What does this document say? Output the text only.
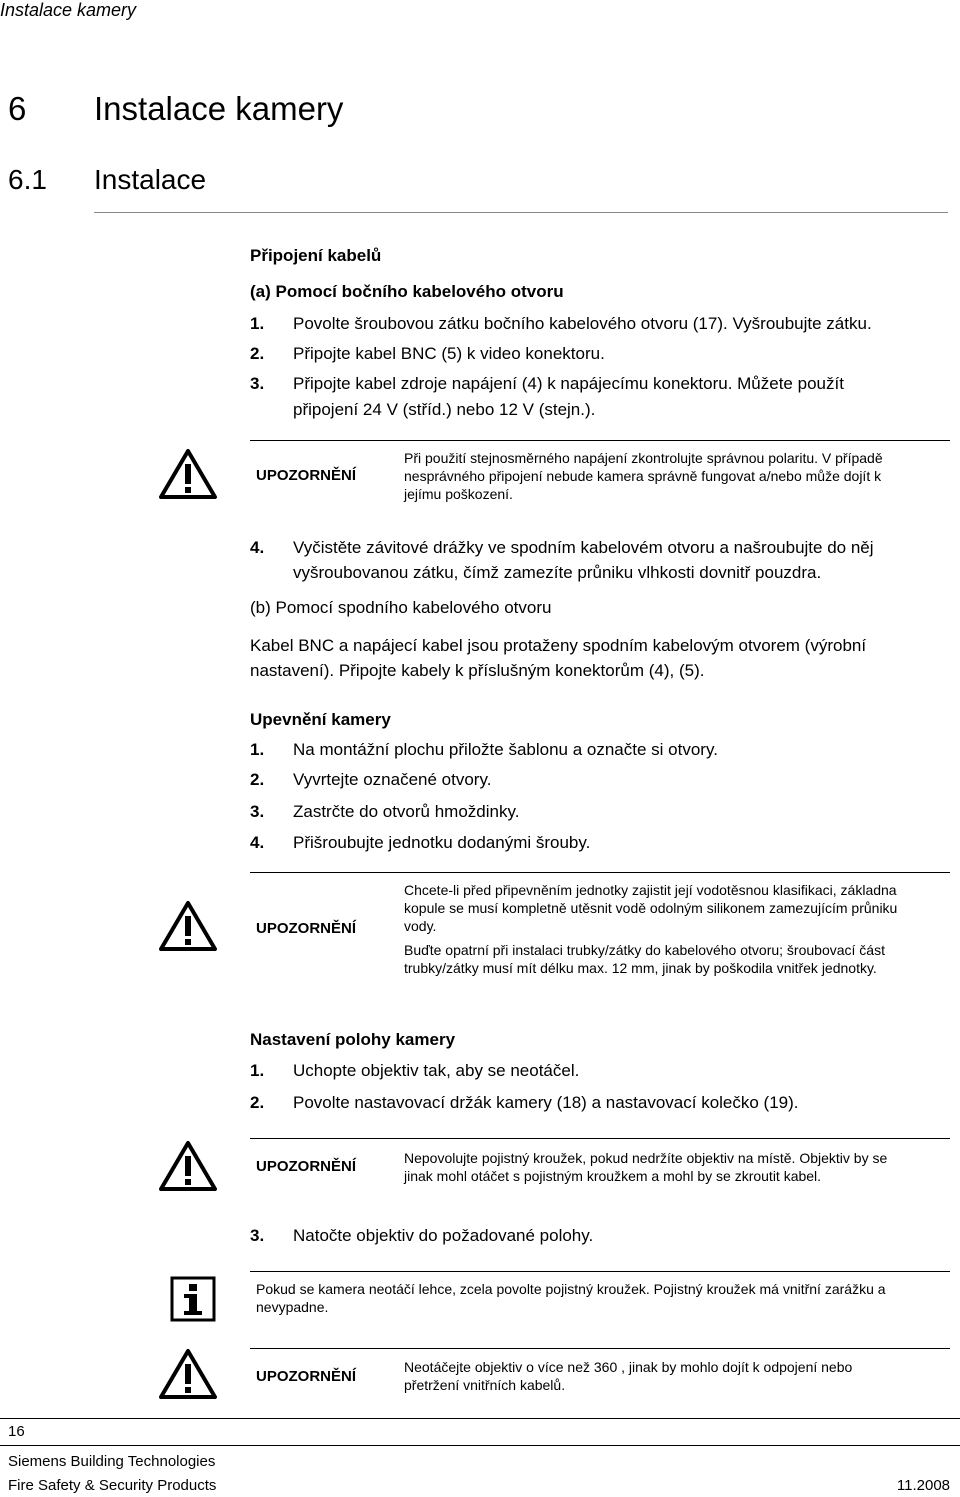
Instalace kamery
6 Instalace kamery
6.1 Instalace
Připojení kabelů
(a) Pomocí bočního kabelového otvoru
1. Povolte šroubovou zátku bočního kabelového otvoru (17). Vyšroubujte zátku.
2. Připojte kabel BNC (5) k video konektoru.
3. Připojte kabel zdroje napájení (4) k napájecímu konektoru. Můžete použít
připojení 24 V (stříd.) nebo 12 V (stejn.).
UPOZORNĚNÍ
Při použití stejnosměrného napájení zkontrolujte správnou polaritu. V případě
nesprávného připojení nebude kamera správně fungovat a/nebo může dojít k
jejímu poškození.
4. Vyčistěte závitové drážky ve spodním kabelovém otvoru a našroubujte do něj
vyšroubovanou zátku, čímž zamezíte průniku vlhkosti dovnitř pouzdra.
(b) Pomocí spodního kabelového otvoru
Kabel BNC a napájecí kabel jsou protaženy spodním kabelovým otvorem (výrobní
nastavení). Připojte kabely k příslušným konektorům (4), (5).
Upevnění kamery
1. Na montážní plochu přiložte šablonu a označte si otvory.
2. Vyvrtejte označené otvory.
3. Zastrčte do otvorů hmoždinky.
4. Přišroubujte jednotku dodanými šrouby.
UPOZORNĚNÍ
Chcete-li před připevněním jednotky zajistit její vodotěsnou klasifikaci, základna
kopule se musí kompletně utěsnit vodě odolným silikonem zamezujícím průniku
vody.
Buďte opatrní při instalaci trubky/zátky do kabelového otvoru; šroubovací část
trubky/zátky musí mít délku max. 12 mm, jinak by poškodila vnitřek jednotky.
Nastavení polohy kamery
1. Uchopte objektiv tak, aby se neotáčel.
2. Povolte nastavovací držák kamery (18) a nastavovací kolečko (19).
UPOZORNĚNÍ	Nepovolujte pojistný kroužek, pokud nedržíte objektiv na místě. Objektiv by se
jinak mohl otáčet s pojistným kroužkem a mohl by se zkroutit kabel.
3. Natočte objektiv do požadované polohy.
Pokud se kamera neotáčí lehce, zcela povolte pojistný kroužek. Pojistný kroužek má vnitřní zarážku a
nevypadne.
UPOZORNĚNÍ
Neotáčejte objektiv o více než 360 , jinak by mohlo dojít k odpojení nebo
přetržení vnitřních kabelů.
16
Siemens Building Technologies
Fire Safety & Security Products	11.2008
